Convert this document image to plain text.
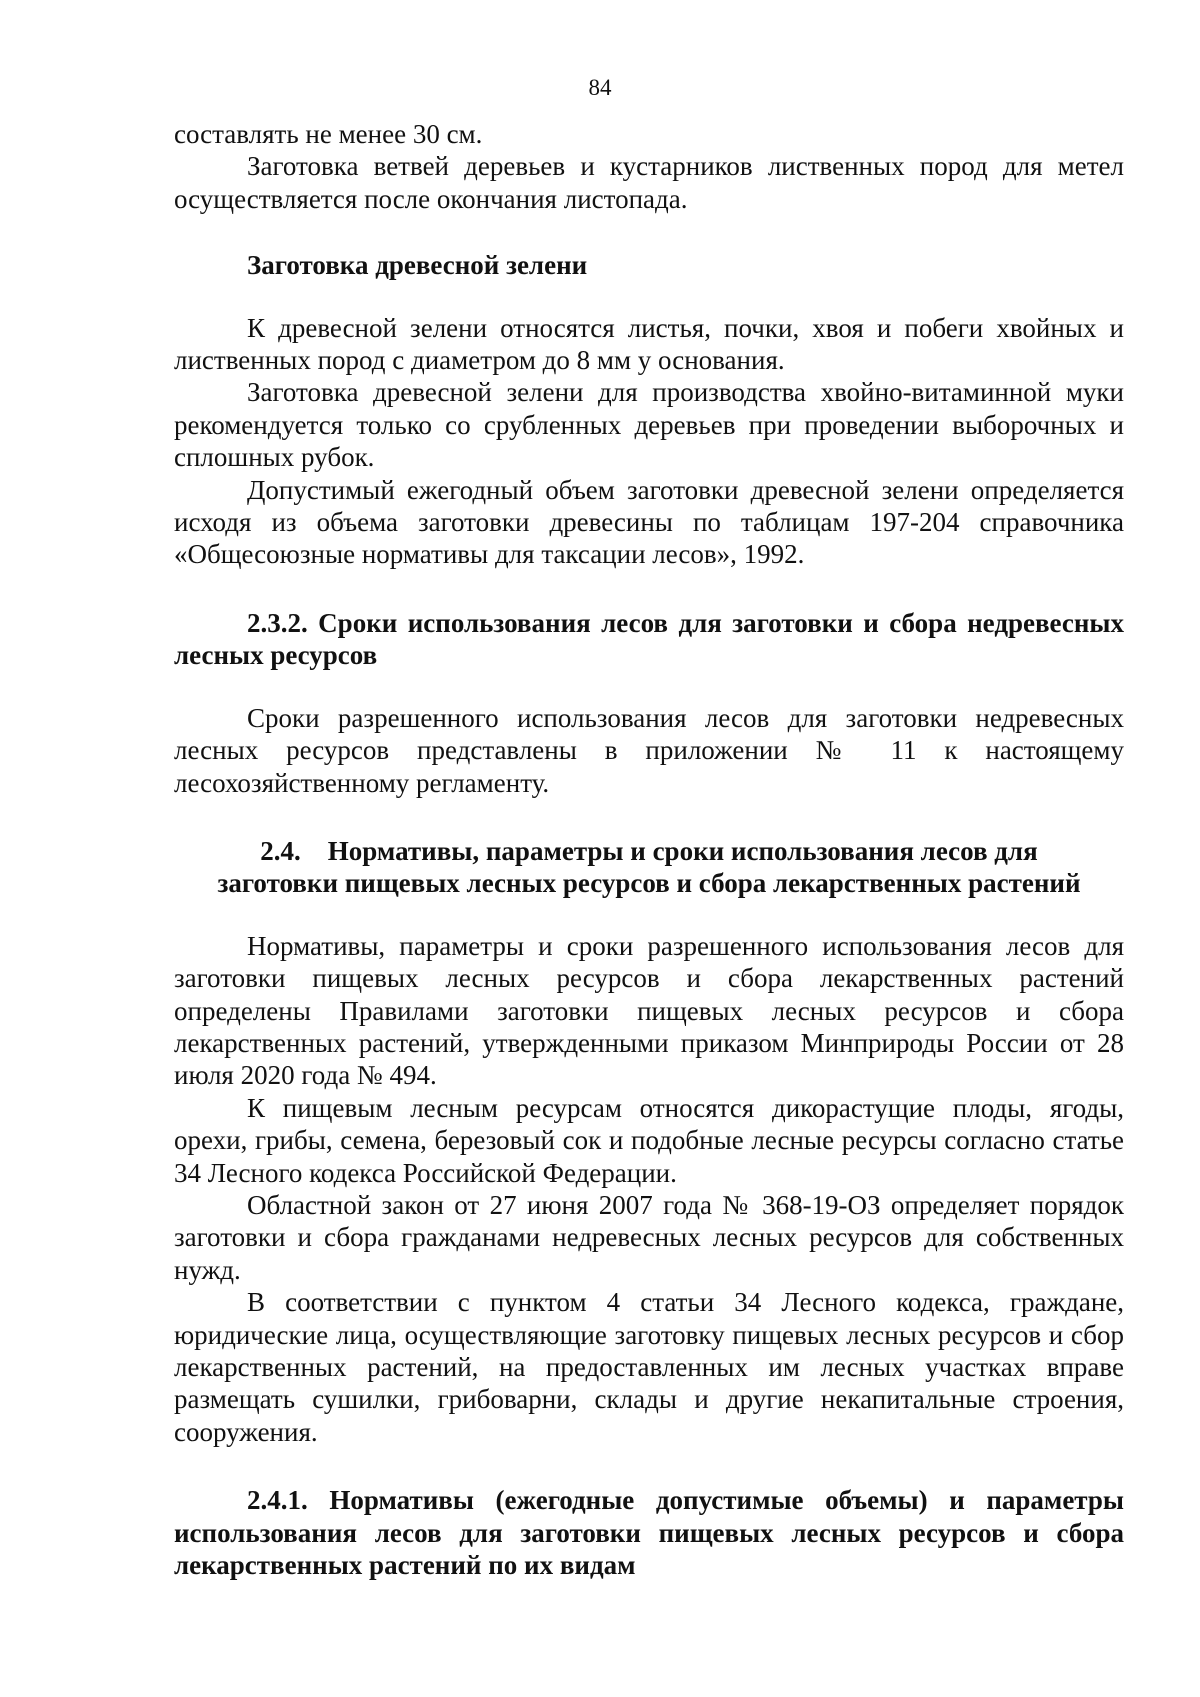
84

составлять не менее 30 см.

Заготовка ветвей деревьев и кустарников лиственных пород для метел осуществляется после окончания листопада.

Заготовка древесной зелени

К древесной зелени относятся листья, почки, хвоя и побеги хвойных и лиственных пород с диаметром до 8 мм у основания.

Заготовка древесной зелени для производства хвойно-витаминной муки рекомендуется только со срубленных деревьев при проведении выборочных и сплошных рубок.

Допустимый ежегодный объем заготовки древесной зелени определяется исходя из объема заготовки древесины по таблицам 197-204 справочника «Общесоюзные нормативы для таксации лесов», 1992.

2.3.2. Сроки использования лесов для заготовки и сбора недревесных лесных ресурсов

Сроки разрешенного использования лесов для заготовки недревесных лесных ресурсов представлены в приложении № 11 к настоящему лесохозяйственному регламенту.

2.4.    Нормативы, параметры и сроки использования лесов для

заготовки пищевых лесных ресурсов и сбора лекарственных растений

Нормативы, параметры и сроки разрешенного использования лесов для заготовки пищевых лесных ресурсов и сбора лекарственных растений определены Правилами заготовки пищевых лесных ресурсов и сбора лекарственных растений, утвержденными приказом Минприроды России от 28 июля 2020 года № 494.

К пищевым лесным ресурсам относятся дикорастущие плоды, ягоды, орехи, грибы, семена, березовый сок и подобные лесные ресурсы согласно статье 34 Лесного кодекса Российской Федерации.

Областной закон от 27 июня 2007 года № 368-19-ОЗ определяет порядок заготовки и сбора гражданами недревесных лесных ресурсов для собственных нужд.

В соответствии с пунктом 4 статьи 34 Лесного кодекса, граждане, юридические лица, осуществляющие заготовку пищевых лесных ресурсов и сбор лекарственных растений, на предоставленных им лесных участках вправе размещать сушилки, грибоварни, склады и другие некапитальные строения, сооружения.

2.4.1. Нормативы (ежегодные допустимые объемы) и параметры использования лесов для заготовки пищевых лесных ресурсов и сбора лекарственных растений по их видам
